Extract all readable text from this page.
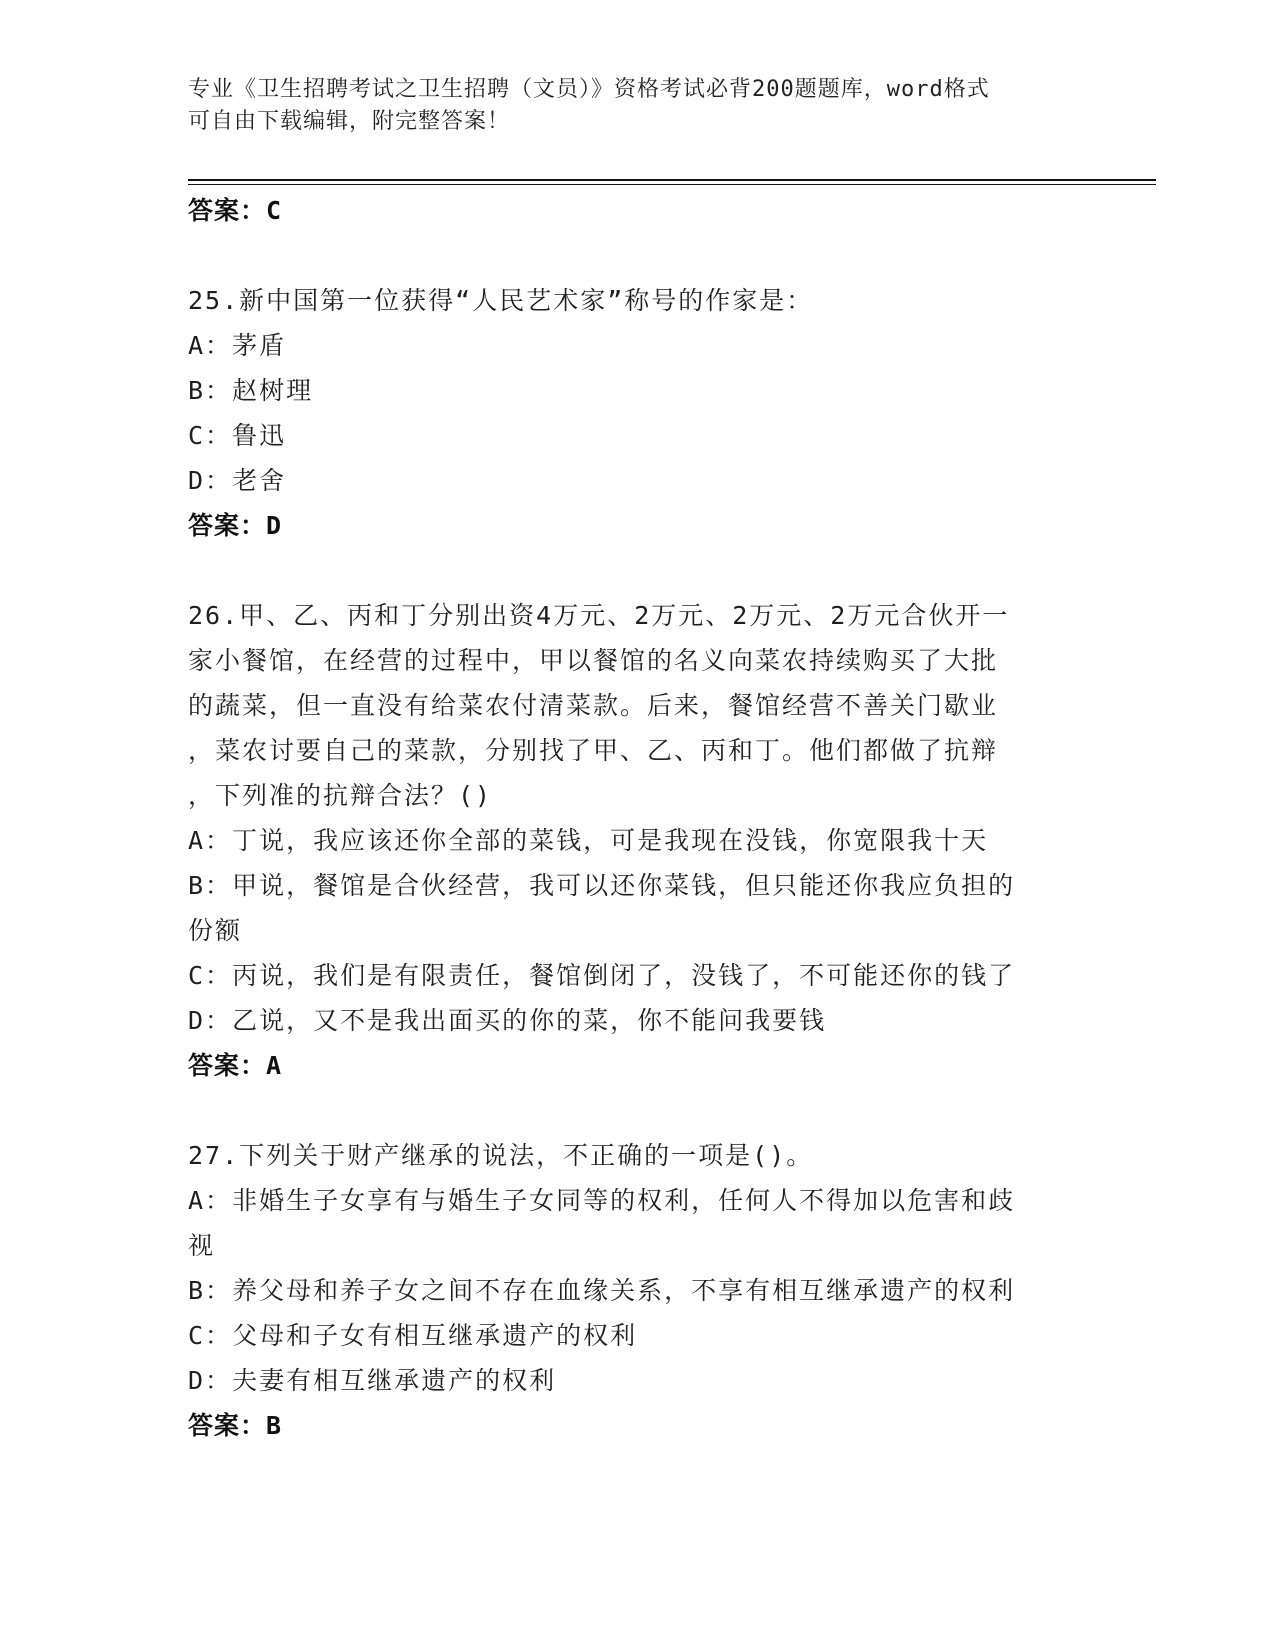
专业《卫生招聘考试之卫生招聘（文员）》资格考试必背200题题库，word格式
可自由下载编辑，附完整答案！
答案：C
25.新中国第一位获得“人民艺术家”称号的作家是：
A：茅盾
B：赵树理
C：鲁迅
D：老舍
答案：D
26.甲、乙、丙和丁分别出资4万元、2万元、2万元、2万元合伙开一
家小餐馆，在经营的过程中，甲以餐馆的名义向菜农持续购买了大批
的蔬菜，但一直没有给菜农付清菜款。后来，餐馆经营不善关门歇业
，菜农讨要自己的菜款，分别找了甲、乙、丙和丁。他们都做了抗辩
，下列准的抗辩合法？()
A：丁说，我应该还你全部的菜钱，可是我现在没钱，你宽限我十天
B：甲说，餐馆是合伙经营，我可以还你菜钱，但只能还你我应负担的
份额
C：丙说，我们是有限责任，餐馆倒闭了，没钱了，不可能还你的钱了
D：乙说，又不是我出面买的你的菜，你不能问我要钱
答案：A
27.下列关于财产继承的说法，不正确的一项是()。
A：非婚生子女享有与婚生子女同等的权利，任何人不得加以危害和歧
视
B：养父母和养子女之间不存在血缘关系，不享有相互继承遗产的权利
C：父母和子女有相互继承遗产的权利
D：夫妻有相互继承遗产的权利
答案：B
